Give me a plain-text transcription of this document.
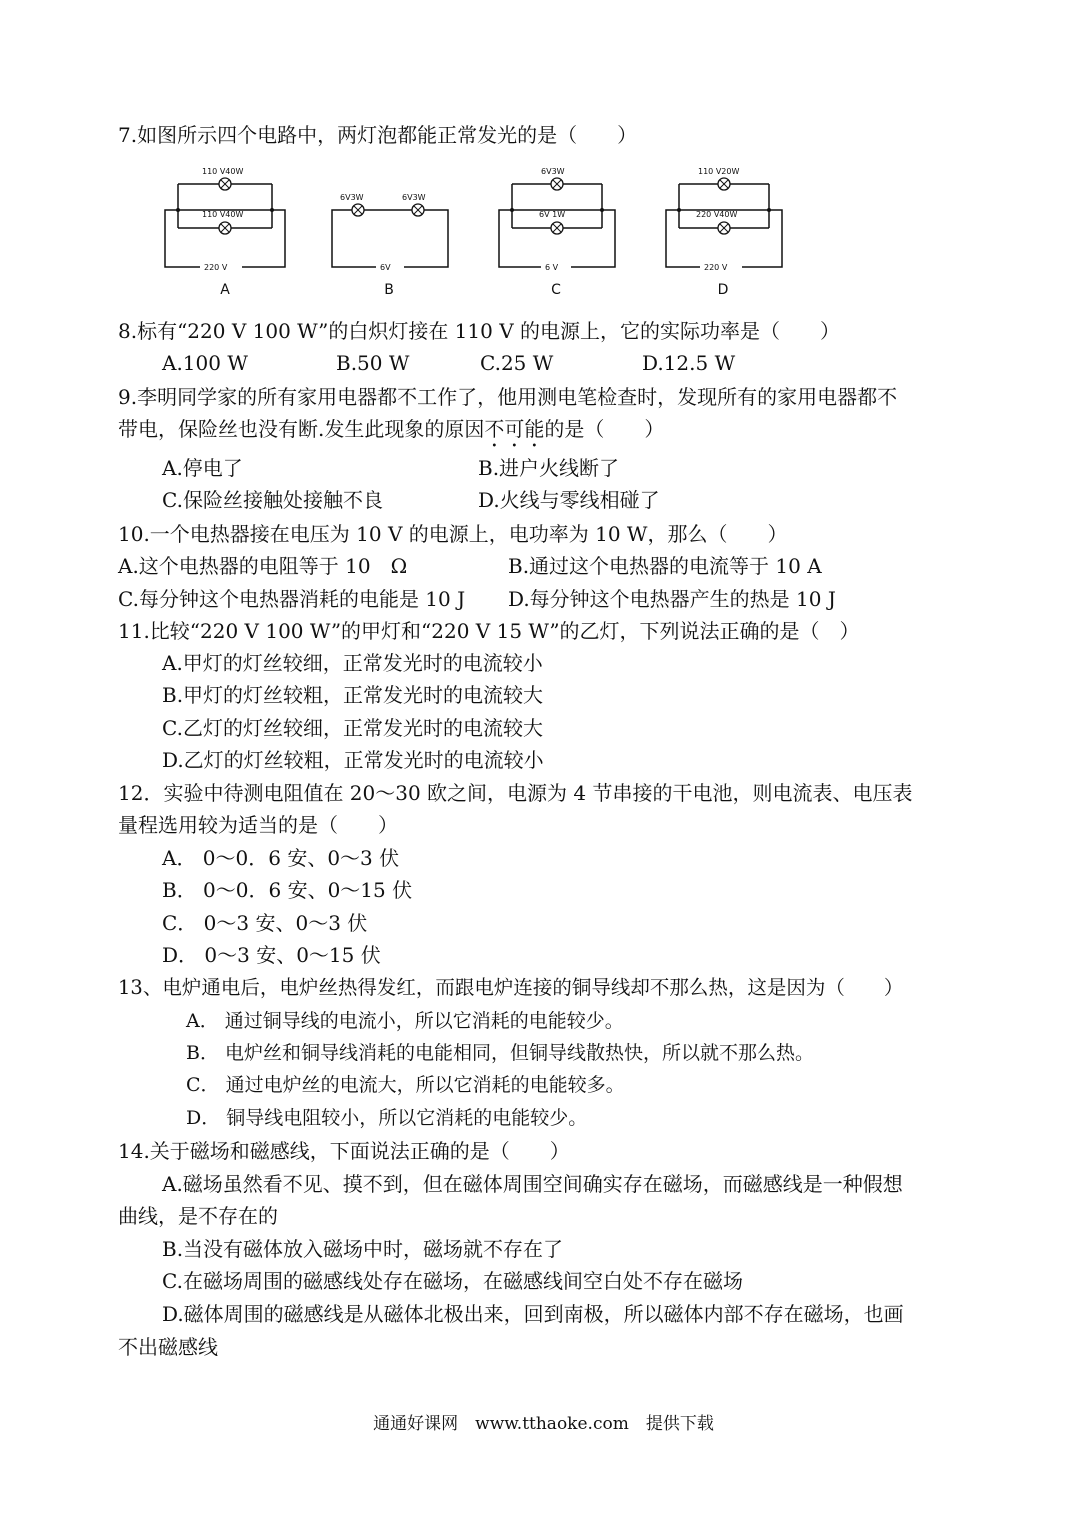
7.如图所示四个电路中，两灯泡都能正常发光的是（　　）
110 V40W
110 V40W
220 V
A
6V3W	6V3W
6V
B
6V3W
6V 1W
6 V
C
110 V20W
220 V40W
220 V
D
8.标有“220 V 100 W”的白炽灯接在 110 V 的电源上，它的实际功率是（　　）
A.100 W	B.50 W	C.25 W	D.12.5 W
9.李明同学家的所有家用电器都不工作了，他用测电笔检查时，发现所有的家用电器都不
带电，保险丝也没有断.发生此现象的原因不可能的是（　　）
A.停电了	B.进户火线断了
C.保险丝接触处接触不良	D.火线与零线相碰了
10.一个电热器接在电压为 10 V 的电源上，电功率为 10 W，那么（　　）
A.这个电热器的电阻等于 10　Ω	B.通过这个电热器的电流等于 10 A
C.每分钟这个电热器消耗的电能是 10 J D.每分钟这个电热器产生的热是 10 J
11.比较“220 V 100 W”的甲灯和“220 V 15 W”的乙灯，下列说法正确的是（　）
A.甲灯的灯丝较细，正常发光时的电流较小
B.甲灯的灯丝较粗，正常发光时的电流较大
C.乙灯的灯丝较细，正常发光时的电流较大
D.乙灯的灯丝较粗，正常发光时的电流较小
12．实验中待测电阻值在 20～30 欧之间，电源为 4 节串接的干电池，则电流表、电压表
量程选用较为适当的是（　　）
A． 0～0．6 安、0～3 伏
B． 0～0．6 安、0～15 伏
C． 0～3 安、0～3 伏
D． 0～3 安、0～15 伏
13、电炉通电后，电炉丝热得发红，而跟电炉连接的铜导线却不那么热，这是因为（　　）
A． 通过铜导线的电流小，所以它消耗的电能较少。
B． 电炉丝和铜导线消耗的电能相同，但铜导线散热快，所以就不那么热。
C． 通过电炉丝的电流大，所以它消耗的电能较多。
D． 铜导线电阻较小，所以它消耗的电能较少。
14.关于磁场和磁感线，下面说法正确的是（　　）
A.磁场虽然看不见、摸不到，但在磁体周围空间确实存在磁场，而磁感线是一种假想
曲线，是不存在的
B.当没有磁体放入磁场中时，磁场就不存在了
C.在磁场周围的磁感线处存在磁场，在磁感线间空白处不存在磁场
D.磁体周围的磁感线是从磁体北极出来，回到南极，所以磁体内部不存在磁场，也画
不出磁感线
通通好课网　www.tthaoke.com　提供下载
